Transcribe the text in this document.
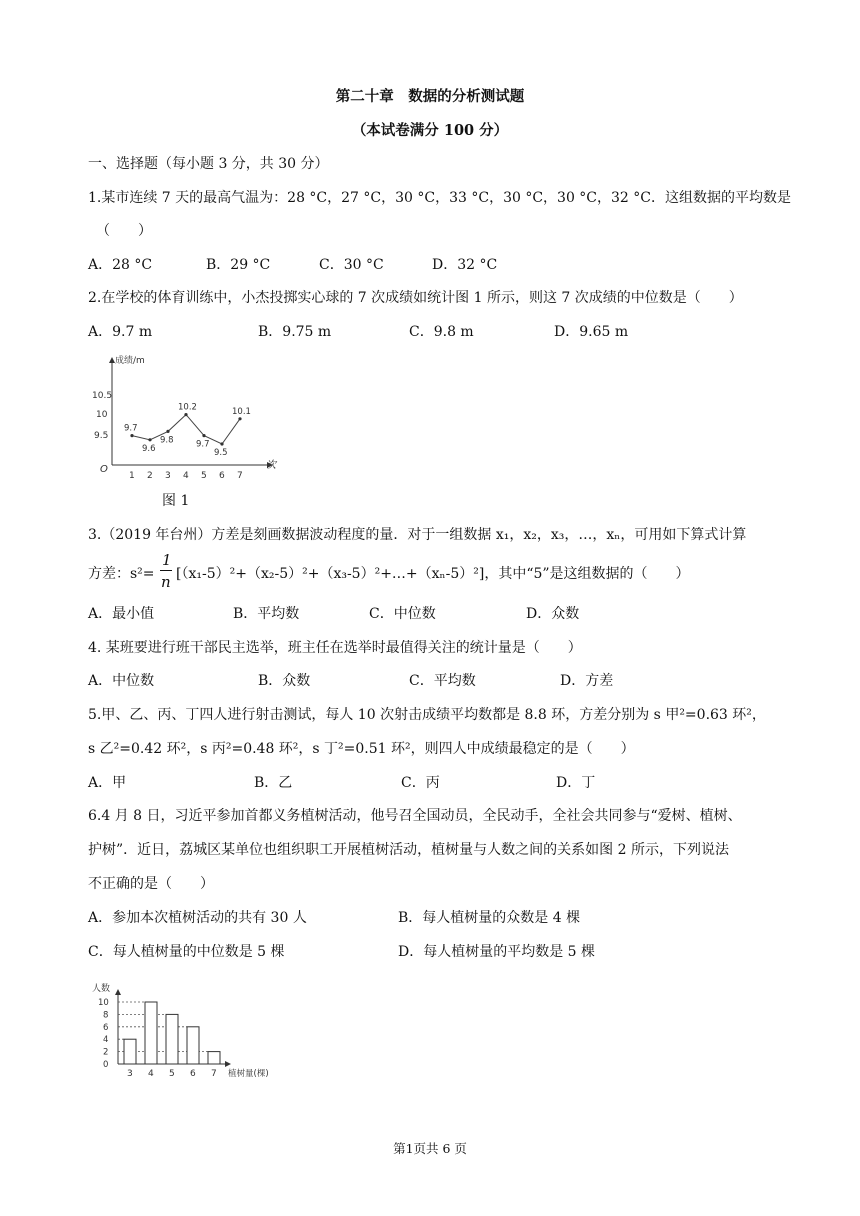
第二十章　数据的分析测试题
（本试卷满分 100 分）
一、选择题（每小题 3 分，共 30 分）
1.某市连续 7 天的最高气温为：28 °C，27 °C，30 °C，33 °C，30 °C，30 °C，32 °C．这组数据的平均数是
（　　）
A．28 °C	B．29 °C	C．30 °C	D．32 °C
2.在学校的体育训练中，小杰投掷实心球的 7 次成绩如统计图 1 所示，则这 7 次成绩的中位数是（　　）
A．9.7 m	B．9.75 m	C．9.8 m	D．9.65 m
成绩/m
次
O
10.5
10
9.5
1 2 3 4 5 6 7
9.7
9.6
9.8
10.2
9.7
9.5
10.1
图 1
3.（2019 年台州）方差是刻画数据波动程度的量．对于一组数据 x₁，x₂，x₃，…，xₙ，可用如下算式计算
方差：s²=
1
n [（x₁-5）²+（x₂-5）²+（x₃-5）²+…+（xₙ-5）²]，其中“5”是这组数据的（　　）
A．最小值	B．平均数	C．中位数	D．众数
4. 某班要进行班干部民主选举，班主任在选举时最值得关注的统计量是（　　）
A．中位数	B．众数	C．平均数	D．方差
5.甲、乙、丙、丁四人进行射击测试，每人 10 次射击成绩平均数都是 8.8 环，方差分别为 s 甲²=0.63 环²，
s 乙²=0.42 环²，s 丙²=0.48 环²，s 丁²=0.51 环²，则四人中成绩最稳定的是（　　）
A．甲	B．乙	C．丙	D．丁
6.4 月 8 日，习近平参加首都义务植树活动，他号召全国动员，全民动手，全社会共同参与“爱树、植树、
护树”．近日，荔城区某单位也组织职工开展植树活动，植树量与人数之间的关系如图 2 所示，下列说法
不正确的是（　　）
A．参加本次植树活动的共有 30 人	B．每人植树量的众数是 4 棵
C．每人植树量的中位数是 5 棵	D．每人植树量的平均数是 5 棵
人数
植树量(棵)
10
8
6
4
2
0
3 4 5 6 7
第1页共 6 页
